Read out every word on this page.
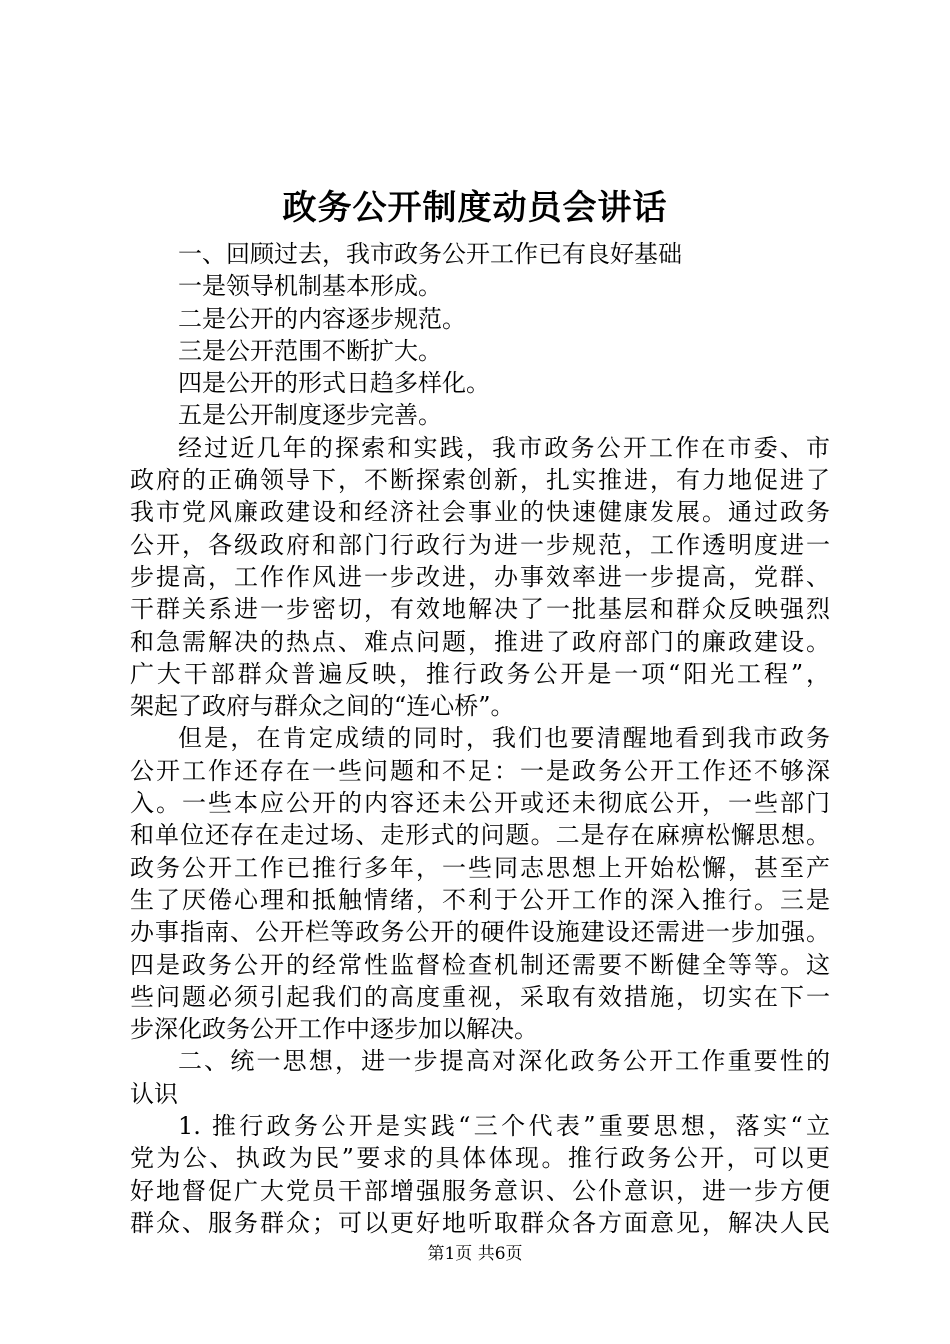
政务公开制度动员会讲话
一、回顾过去，我市政务公开工作已有良好基础
一是领导机制基本形成。
二是公开的内容逐步规范。
三是公开范围不断扩大。
四是公开的形式日趋多样化。
五是公开制度逐步完善。
经过近几年的探索和实践，我市政务公开工作在市委、市
政府的正确领导下，不断探索创新，扎实推进，有力地促进了
我市党风廉政建设和经济社会事业的快速健康发展。通过政务
公开，各级政府和部门行政行为进一步规范，工作透明度进一
步提高，工作作风进一步改进，办事效率进一步提高，党群、
干群关系进一步密切，有效地解决了一批基层和群众反映强烈
和急需解决的热点、难点问题，推进了政府部门的廉政建设。
广大干部群众普遍反映，推行政务公开是一项“阳光工程”，
架起了政府与群众之间的“连心桥”。
但是，在肯定成绩的同时，我们也要清醒地看到我市政务
公开工作还存在一些问题和不足：一是政务公开工作还不够深
入。一些本应公开的内容还未公开或还未彻底公开，一些部门
和单位还存在走过场、走形式的问题。二是存在麻痹松懈思想。
政务公开工作已推行多年，一些同志思想上开始松懈，甚至产
生了厌倦心理和抵触情绪，不利于公开工作的深入推行。三是
办事指南、公开栏等政务公开的硬件设施建设还需进一步加强。
四是政务公开的经常性监督检查机制还需要不断健全等等。这
些问题必须引起我们的高度重视，采取有效措施，切实在下一
步深化政务公开工作中逐步加以解决。
二、统一思想，进一步提高对深化政务公开工作重要性的
认识
1. 推行政务公开是实践“三个代表”重要思想，落实“立
党为公、执政为民”要求的具体体现。推行政务公开，可以更
好地督促广大党员干部增强服务意识、公仆意识，进一步方便
群众、服务群众；可以更好地听取群众各方面意见，解决人民
第1页 共6页
